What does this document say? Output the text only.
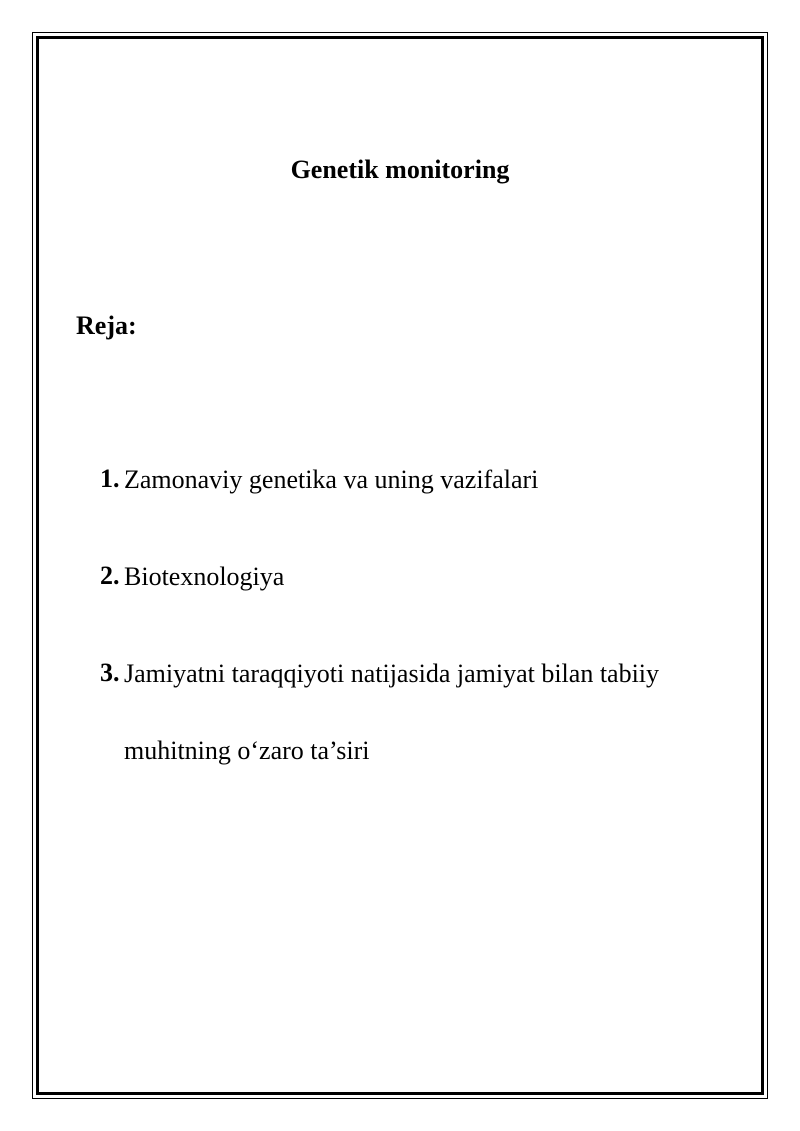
Genetik monitoring
Reja:
1. Zamonaviy genetika va uning vazifalari
2. Biotexnologiya
3. Jamiyatni taraqqiyoti natijasida jamiyat bilan tabiiy muhitning o‘zaro ta’siri
